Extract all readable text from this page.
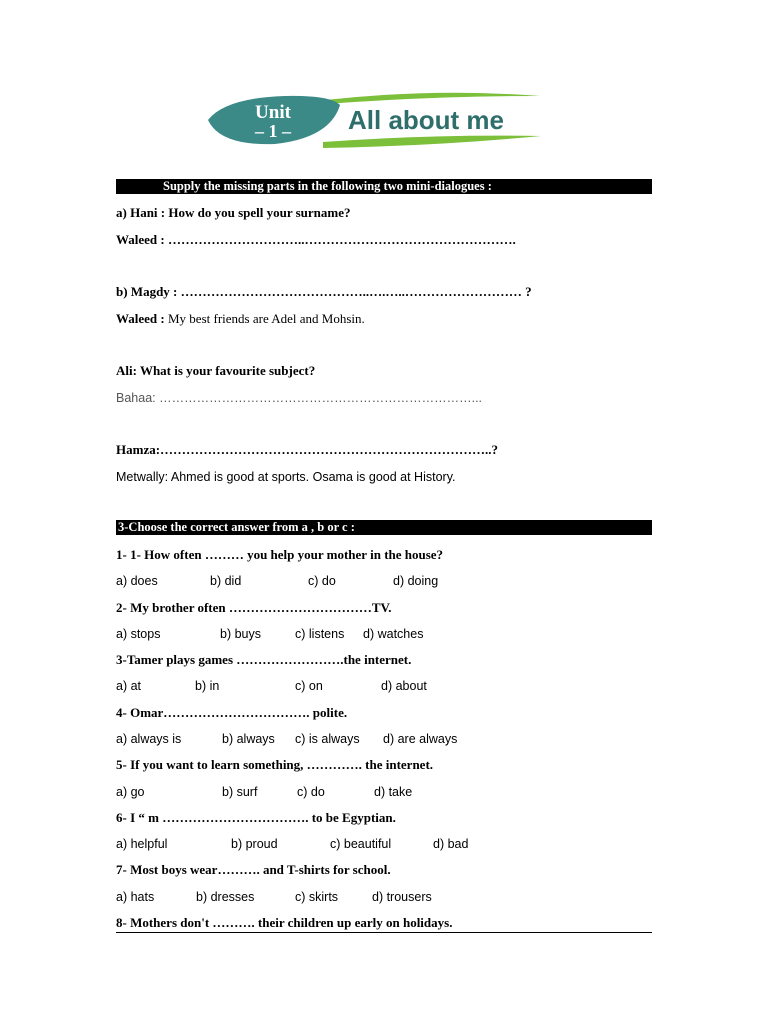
Unit
– 1 – All about me
Supply the missing parts in the following two mini-dialogues :
a) Hani : How do you spell your surname?
Waleed : …………………………..………………………………………….
b) Magdy : ……………………………………..….…..……………………… ?
Waleed : My best friends are Adel and Mohsin.
Ali: What is your favourite subject?
Bahaa: …………………………………………………………………...
Hamza:…………………………………………………………………..?
Metwally: Ahmed is good at sports. Osama is good at History.
3-Choose the correct answer from a , b or c :
1- 1- How often ……… you help your mother in the house?
a) does	b) did	c) do	d) doing
2- My brother often ……………………………TV.
a) stops	b) buys	c) listens d) watches
3-Tamer plays games …………………….the internet.
a) at	b) in	c) on	d) about
4- Omar……………………………. polite.
a) always is	b) always c) is always d) are always
5- If you want to learn something, …………. the internet.
a) go	b) surf	c) do	d) take
6- I “ m ……………………………. to be Egyptian.
a) helpful	b) proud	c) beautiful	d) bad
7- Most boys wear………. and T-shirts for school.
a) hats	b) dresses	c) skirts	d) trousers
8- Mothers don't ………. their children up early on holidays.
